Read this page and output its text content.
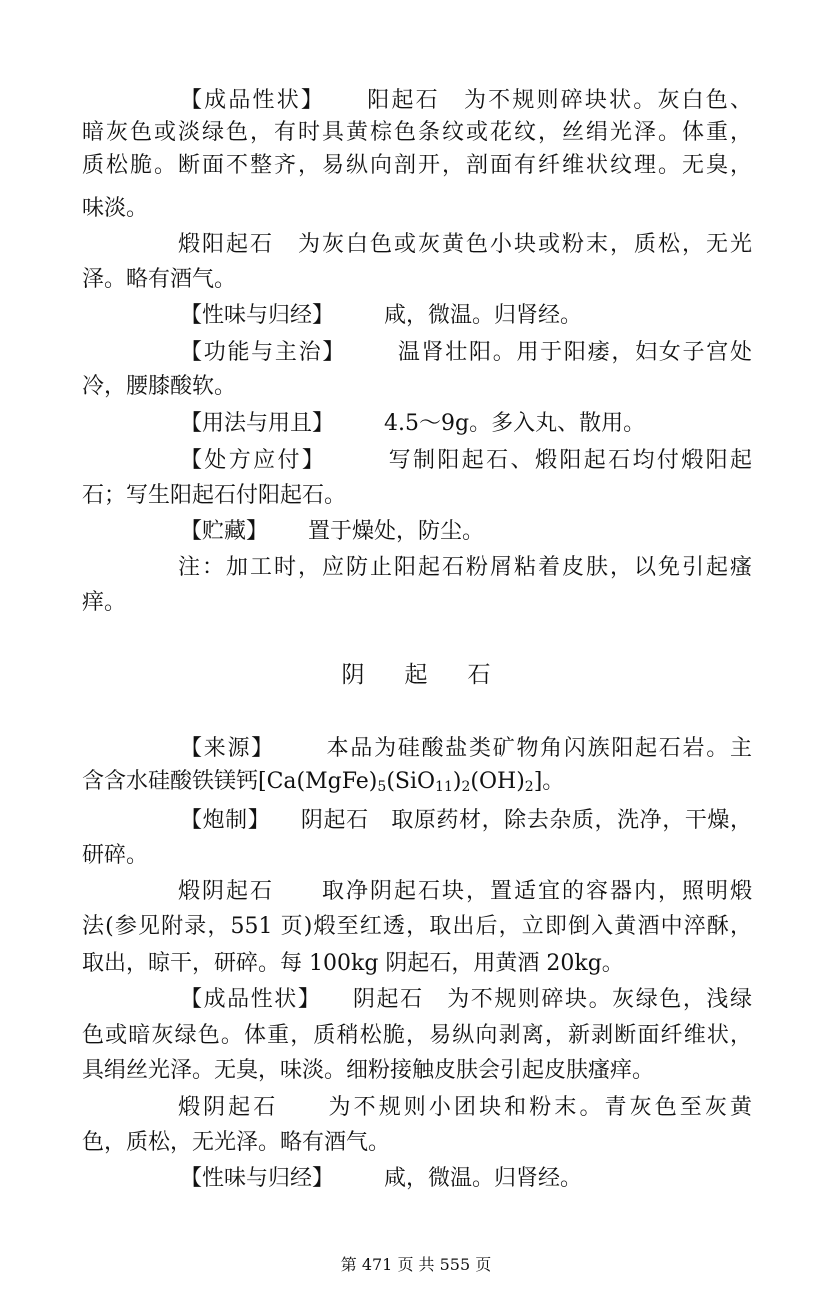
【成品性状】 阳起石　为不规则碎块状。灰白色、
暗灰色或淡绿色，有时具黄棕色条纹或花纹，丝绢光泽。体重，
质松脆。断面不整齐，易纵向剖开，剖面有纤维状纹理。无臭，
味淡。
煅阳起石　为灰白色或灰黄色小块或粉末，质松，无光
泽。略有酒气。
【性味与归经】 咸，微温。归肾经。
【功能与主治】 温肾壮阳。用于阳痿，妇女子宫处
冷，腰膝酸软。
【用法与用且】 4.5～9g。多入丸、散用。
【处方应付】	写制阳起石、煅阳起石均付煅阳起
石；写生阳起石付阳起石。
【贮藏】 置于燥处，防尘。
注：加工时，应防止阳起石粉屑粘着皮肤，以免引起瘙
痒。
阴起石
【来源】 本品为硅酸盐类矿物角闪族阳起石岩。主
含含水硅酸铁镁钙$[Ca(MgFe)_5(SiO_{11})_2(OH)_2]$。
【炮制】 阴起石　取原药材，除去杂质，洗净，干燥，
研碎。
煅阴起石　　取净阴起石块，置适宜的容器内，照明煅
法(参见附录，551 页)煅至红透，取出后，立即倒入黄酒中淬酥，
取出，晾干，研碎。每 100kg 阴起石，用黄酒 20kg。
【成品性状】 阴起石　为不规则碎块。灰绿色，浅绿
色或暗灰绿色。体重，质稍松脆，易纵向剥离，新剥断面纤维状，
具绢丝光泽。无臭，味淡。细粉接触皮肤会引起皮肤瘙痒。
煅阴起石　　为不规则小团块和粉末。青灰色至灰黄
色，质松，无光泽。略有酒气。
【性味与归经】 咸，微温。归肾经。
第 471 页 共 555 页
